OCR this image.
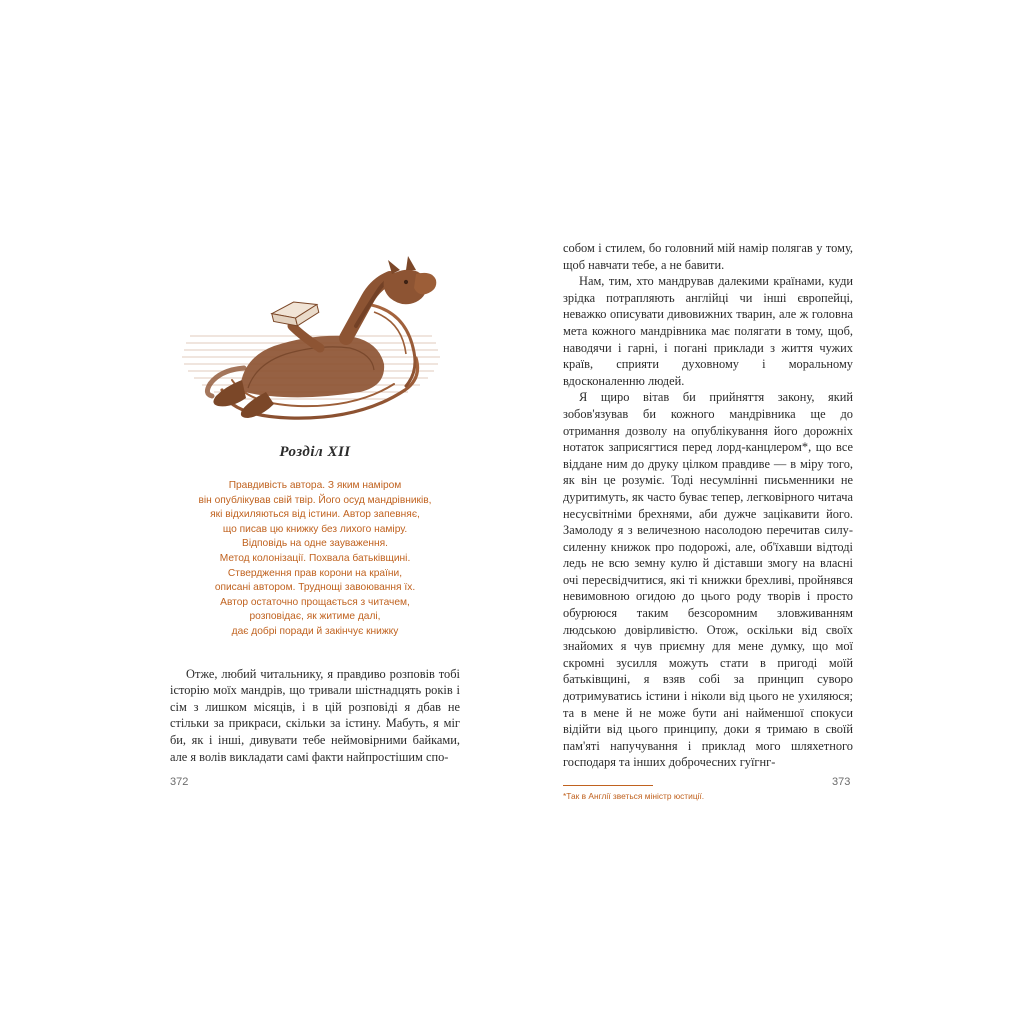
Розділ XII
Правдивість автора. З яким наміром
він опублікував свій твір. Його осуд мандрівників,
які відхиляються від істини. Автор запевняє,
що писав цю книжку без лихого наміру.
Відповідь на одне зауваження.
Метод колонізації. Похвала батьківщині.
Ствердження прав корони на країни,
описані автором. Труднощі завоювання їх.
Автор остаточно прощається з читачем,
розповідає, як житиме далі,
дає добрі поради й закінчує книжку

Отже, любий читальнику, я правдиво розповів тобі історію моїх мандрів, що тривали шістнадцять років і сім з лишком місяців, і в цій розповіді я дбав не стільки за прикраси, скільки за істину. Мабуть, я міг би, як і інші, дивувати тебе неймовірними байками, але я волів викладати самі факти найпростішим спо-

собом і стилем, бо головний мій намір полягав у тому, щоб навчати тебе, а не бавити.

Нам, тим, хто мандрував далекими країнами, куди зрідка потрапляють англійці чи інші європейці, неважко описувати дивовижних тварин, але ж головна мета кожного мандрівника має полягати в тому, щоб, наводячи і гарні, і погані приклади з життя чужих країв, сприяти духовному і моральному вдосконаленню людей.

Я щиро вітав би прийняття закону, який зобов'язував би кожного мандрівника ще до отримання дозволу на опублікування його дорожніх нотаток заприсягтися перед лорд-канцлером*, що все віддане ним до друку цілком правдиве — в міру того, як він це розуміє. Тоді несумлінні письменники не дуритимуть, як часто буває тепер, легковірного читача несусвітніми брехнями, аби дужче зацікавити його. Замолоду я з величезною насолодою перечитав силу-силенну книжок про подорожі, але, об'їхавши відтоді ледь не всю земну кулю й діставши змогу на власні очі пересвідчитися, які ті книжки брехливі, пройнявся невимовною огидою до цього роду творів і просто обурююся таким безсоромним зловживанням людською довірливістю. Отож, оскільки від своїх знайомих я чув приємну для мене думку, що мої скромні зусилля можуть стати в пригоді моїй батьківщині, я взяв собі за принцип суворо дотримуватись істини і ніколи від цього не ухиляюся; та в мене й не може бути ані найменшої спокуси відійти від цього принципу, доки я тримаю в своїй пам'яті напучування і приклад мого шляхетного господаря та інших доброчесних гуїгнг-

*Так в Англії зветься міністр юстиції.
372	373
